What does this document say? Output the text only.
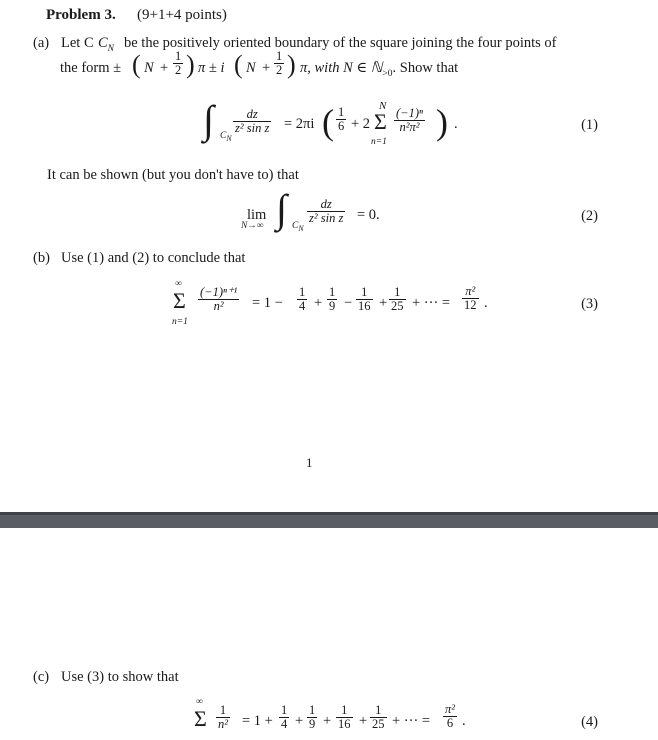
Problem 3. (9+1+4 points)
(a) Let C $C_N$ be the positively oriented boundary of the square joining the four points of
the form ± ( $N + \frac{1}{2}$ ) π ± i ( $N + \frac{1}{2}$ ) π, with N ∈ ℕ$_{>0}$. Show that
∫ $C_N$
$\frac{dz}{\text{z² sin z}} = 2\pi i$ ( $\frac{1}{6} + 2$
N
Σ
n=1
$\frac{\text{(−1)ⁿ}}{\text{n²π²}}$ ) .	(1)
It can be shown (but you don't have to) that
lim
N→∞ ∫ $C_N$
$\frac{dz}{\text{z² sin z}} = 0$.	(2)
(b) Use (1) and (2) to conclude that
∞
Σ
n=1
$\frac{\text{(−1)ⁿ⁺¹}}{\text{n²}} = 1 - \frac{1}{4} + \frac{1}{9} - \frac{1}{16} + \frac{1}{25}$ + ··· = $\frac{\text{π²}}{12}$ .	(3)
1
(c) Use (3) to show that
∞
Σ $\frac{1}{\text{n²}} = 1 + \frac{1}{4} + \frac{1}{9} + \frac{1}{16} + \frac{1}{25}$ + ··· = $\frac{\text{π²}}{6}$ .	(4)
